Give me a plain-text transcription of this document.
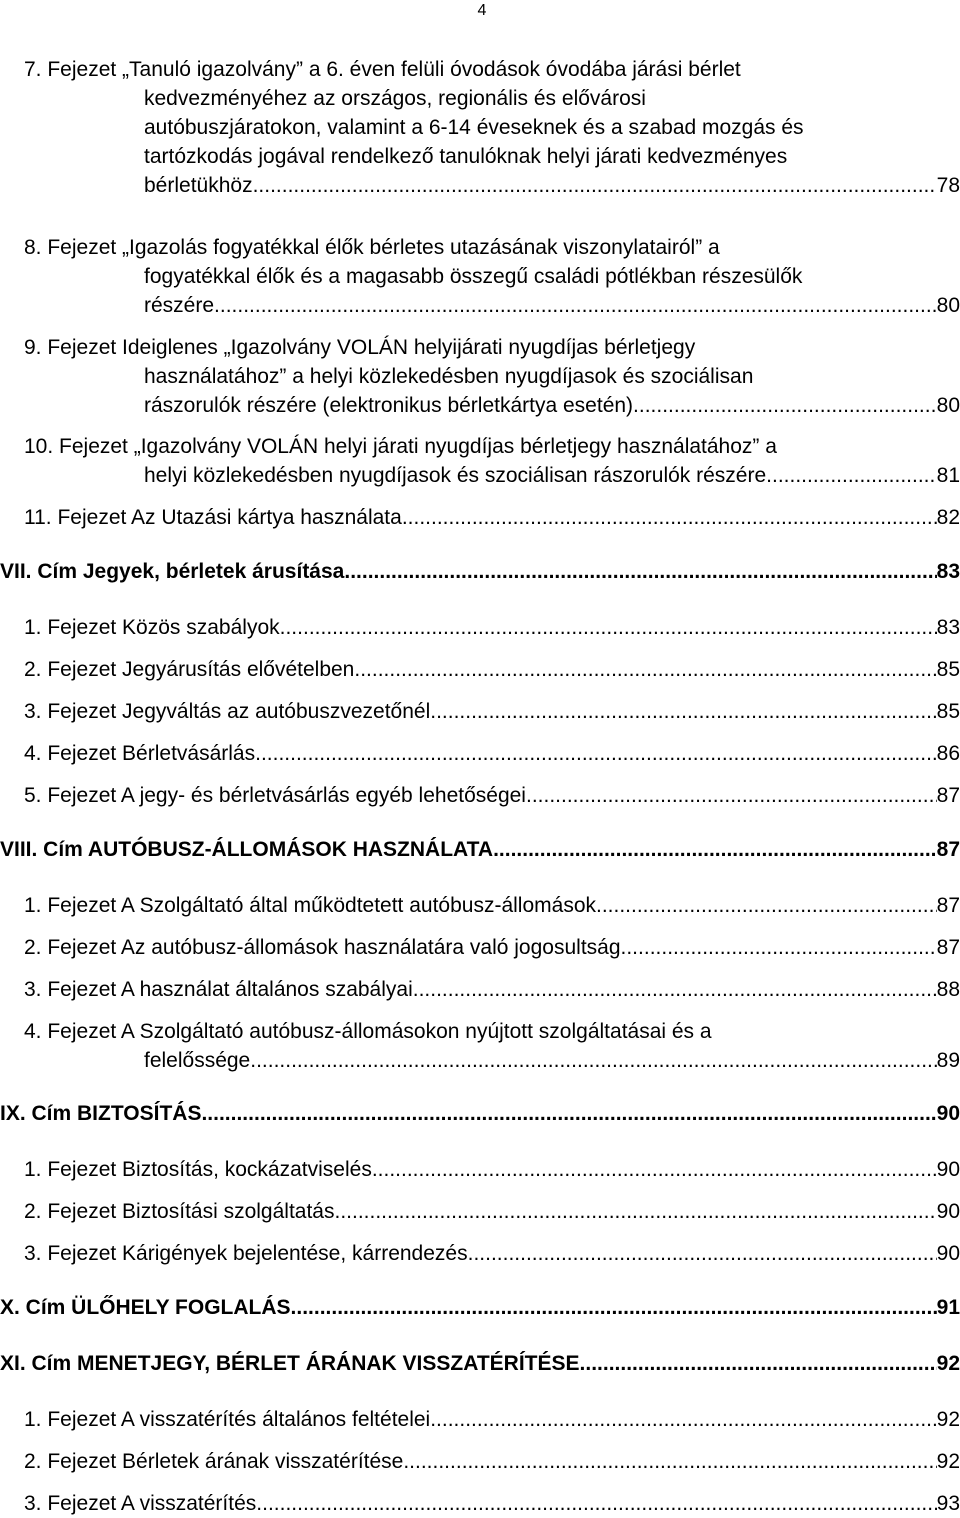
4
7. Fejezet „Tanuló igazolvány” a 6. éven felüli óvodások óvodába járási bérlet
kedvezményéhez az országos, regionális és elővárosi
autóbuszjáratokon, valamint a 6-14 éveseknek és a szabad mozgás és
tartózkodás jogával rendelkező tanulóknak helyi járati kedvezményes
bérletükhöz .....	78
8. Fejezet „Igazolás fogyatékkal élők bérletes utazásának viszonylatairól” a
fogyatékkal élők és a magasabb összegű családi pótlékban részesülők
részére .....	80
9. Fejezet Ideiglenes „Igazolvány VOLÁN helyijárati nyugdíjas bérletjegy
használatához” a helyi közlekedésben nyugdíjasok és szociálisan
rászorulók részére (elektronikus bérletkártya esetén) .....	80
10. Fejezet „Igazolvány VOLÁN helyi járati nyugdíjas bérletjegy használatához” a
helyi közlekedésben nyugdíjasok és szociálisan rászorulók részére .....	81
11. Fejezet Az Utazási kártya használata .....	82
VII. Cím Jegyek, bérletek árusítása .....	83
1. Fejezet Közös szabályok .....	83
2. Fejezet Jegyárusítás elővételben .....	85
3. Fejezet Jegyváltás az autóbuszvezetőnél .....	85
4. Fejezet Bérletvásárlás .....	86
5. Fejezet A jegy- és bérletvásárlás egyéb lehetőségei .....	87
VIII. Cím AUTÓBUSZ-ÁLLOMÁSOK HASZNÁLATA .....	87
1. Fejezet A Szolgáltató által működtetett autóbusz-állomások .....	87
2. Fejezet Az autóbusz-állomások használatára való jogosultság .....	87
3. Fejezet A használat általános szabályai .....	88
4. Fejezet A Szolgáltató autóbusz-állomásokon nyújtott szolgáltatásai és a
felelőssége .....	89
IX. Cím BIZTOSÍTÁS .....	90
1. Fejezet Biztosítás, kockázatviselés .....	90
2. Fejezet Biztosítási szolgáltatás .....	90
3. Fejezet Kárigények bejelentése, kárrendezés .....	90
X. Cím ÜLŐHELY FOGLALÁS .....	91
XI. Cím MENETJEGY, BÉRLET ÁRÁNAK VISSZATÉRÍTÉSE .....	92
1. Fejezet A visszatérítés általános feltételei .....	92
2. Fejezet Bérletek árának visszatérítése .....	92
3. Fejezet A visszatérítés .....	93
